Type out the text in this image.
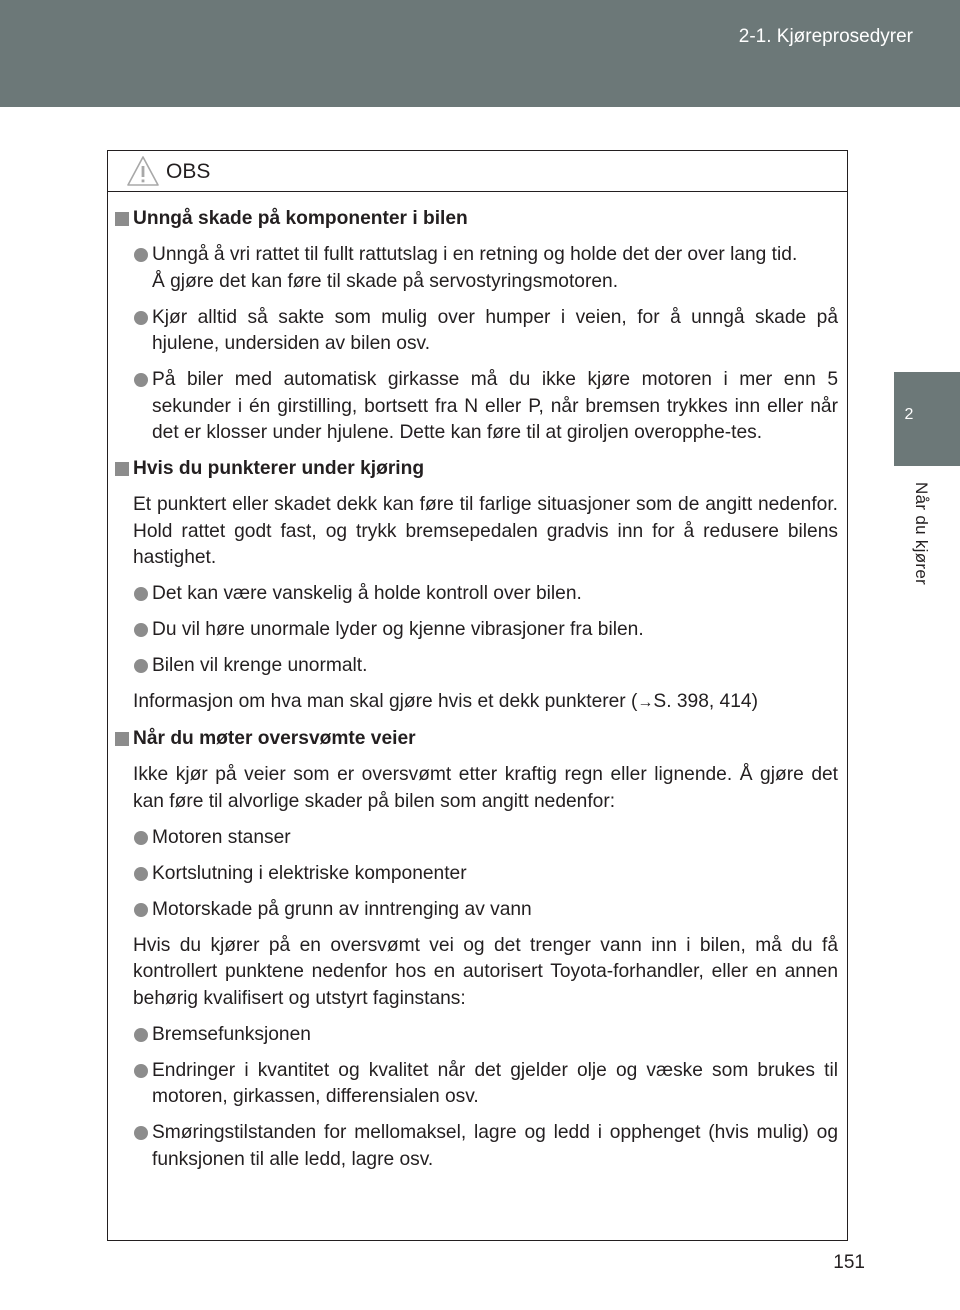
2-1. Kjøreprosedyrer
2
Når du kjører
OBS
Unngå skade på komponenter i bilen
Unngå å vri rattet til fullt rattutslag i en retning og holde det der over lang tid.
Å gjøre det kan føre til skade på servostyringsmotoren.
Kjør alltid så sakte som mulig over humper i veien, for å unngå skade på hjulene, undersiden av bilen osv.
På biler med automatisk girkasse må du ikke kjøre motoren i mer enn 5 sekunder i én girstilling, bortsett fra N eller P, når bremsen trykkes inn eller når det er klosser under hjulene. Dette kan føre til at giroljen overopphe-tes.
Hvis du punkterer under kjøring
Et punktert eller skadet dekk kan føre til farlige situasjoner som de angitt nedenfor. Hold rattet godt fast, og trykk bremsepedalen gradvis inn for å redusere bilens hastighet.
Det kan være vanskelig å holde kontroll over bilen.
Du vil høre unormale lyder og kjenne vibrasjoner fra bilen.
Bilen vil krenge unormalt.
Informasjon om hva man skal gjøre hvis et dekk punkterer (→S. 398, 414)
Når du møter oversvømte veier
Ikke kjør på veier som er oversvømt etter kraftig regn eller lignende. Å gjøre det kan føre til alvorlige skader på bilen som angitt nedenfor:
Motoren stanser
Kortslutning i elektriske komponenter
Motorskade på grunn av inntrenging av vann
Hvis du kjører på en oversvømt vei og det trenger vann inn i bilen, må du få kontrollert punktene nedenfor hos en autorisert Toyota-forhandler, eller en annen behørig kvalifisert og utstyrt faginstans:
Bremsefunksjonen
Endringer i kvantitet og kvalitet når det gjelder olje og væske som brukes til motoren, girkassen, differensialen osv.
Smøringstilstanden for mellomaksel, lagre og ledd i opphenget (hvis mulig) og funksjonen til alle ledd, lagre osv.
151
